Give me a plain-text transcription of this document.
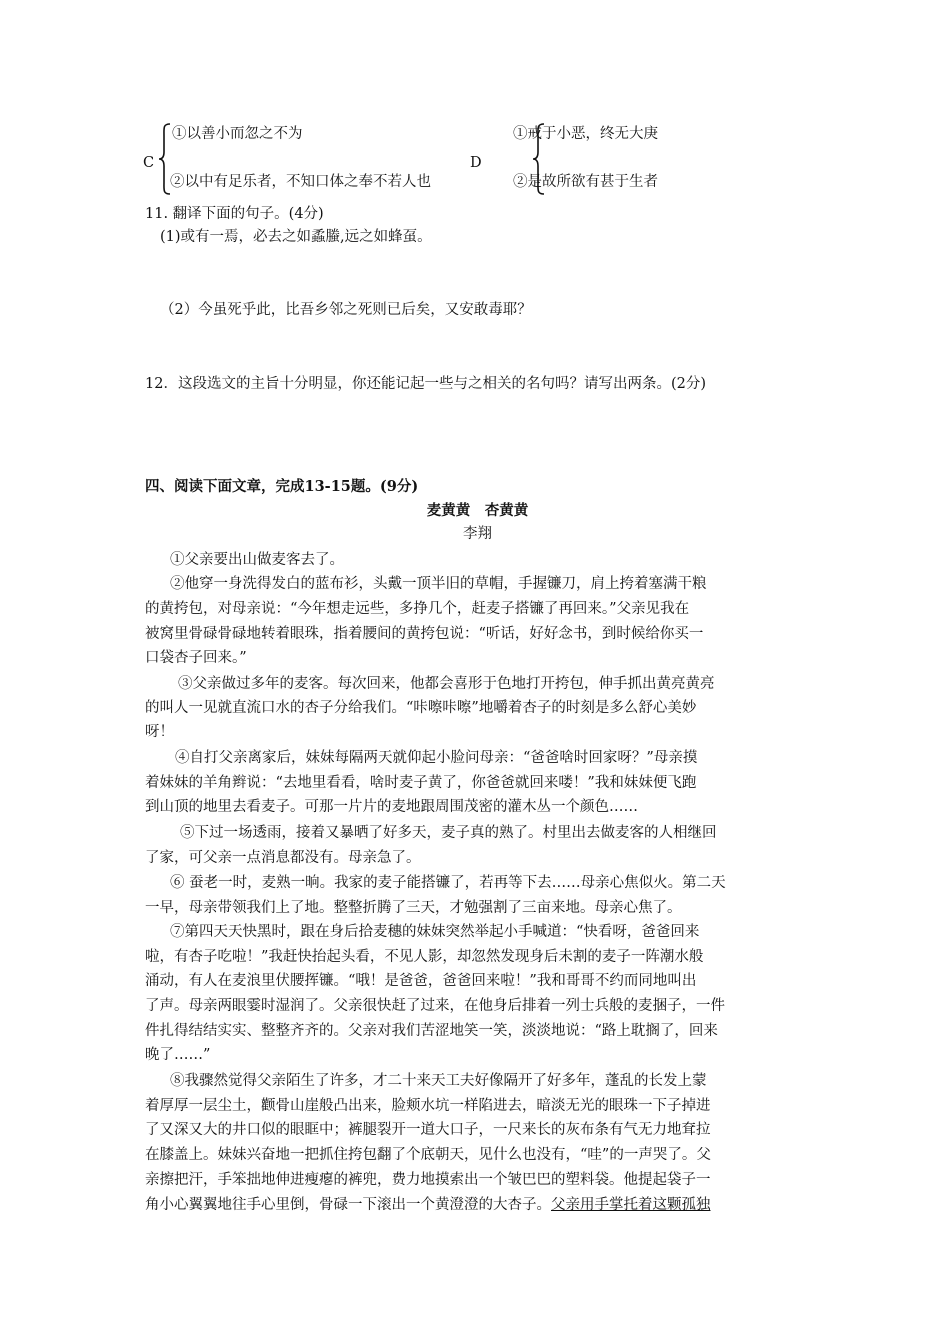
C
①以善小而忽之不为
②以中有足乐者，不知口体之奉不若人也
D
①戒于小恶，终无大庚
②是故所欲有甚于生者
11. 翻译下面的句子。(4分)
(1)或有一焉，必去之如蟊螣,远之如蜂虿。
（2）今虽死乎此，比吾乡邻之死则已后矣，又安敢毒耶？
12．这段选文的主旨十分明显，你还能记起一些与之相关的名句吗？请写出两条。(2分)
四、阅读下面文章，完成13-15题。(9分)
麦黄黄　杏黄黄
李翔
①父亲要出山做麦客去了。
②他穿一身洗得发白的蓝布衫，头戴一顶半旧的草帽，手握镰刀，肩上挎着塞满干粮
的黄挎包，对母亲说：“今年想走远些，多挣几个，赶麦子搭镰了再回来。”父亲见我在
被窝里骨碌骨碌地转着眼珠，指着腰间的黄挎包说：“听话，好好念书，到时候给你买一
口袋杏子回来。”
③父亲做过多年的麦客。每次回来，他都会喜形于色地打开挎包，伸手抓出黄亮黄亮
的叫人一见就直流口水的杏子分给我们。“咔嚓咔嚓”地嚼着杏子的时刻是多么舒心美妙
呀！
④自打父亲离家后，妹妹每隔两天就仰起小脸问母亲：“爸爸啥时回家呀？”母亲摸
着妹妹的羊角辫说：“去地里看看，啥时麦子黄了，你爸爸就回来喽！”我和妹妹便飞跑
到山顶的地里去看麦子。可那一片片的麦地跟周围茂密的灌木丛一个颜色……
⑤下过一场透雨，接着又暴晒了好多天，麦子真的熟了。村里出去做麦客的人相继回
了家，可父亲一点消息都没有。母亲急了。
⑥ 蚕老一时，麦熟一晌。我家的麦子能搭镰了，若再等下去……母亲心焦似火。第二天
一早，母亲带领我们上了地。整整折腾了三天，才勉强割了三亩来地。母亲心焦了。
⑦第四天天快黑时，跟在身后拾麦穗的妹妹突然举起小手喊道：“快看呀，爸爸回来
啦，有杏子吃啦！”我赶快抬起头看，不见人影，却忽然发现身后未割的麦子一阵潮水般
涌动，有人在麦浪里伏腰挥镰。“哦！是爸爸，爸爸回来啦！”我和哥哥不约而同地叫出
了声。母亲两眼霎时湿润了。父亲很快赶了过来，在他身后排着一列士兵般的麦捆子，一件
件扎得结结实实、整整齐齐的。父亲对我们苦涩地笑一笑，淡淡地说：“路上耽搁了，回来
晚了……”
⑧我骤然觉得父亲陌生了许多，才二十来天工夫好像隔开了好多年，蓬乱的长发上蒙
着厚厚一层尘土，颧骨山崖般凸出来，脸颊水坑一样陷进去，暗淡无光的眼珠一下子掉进
了又深又大的井口似的眼眶中；裤腿裂开一道大口子，一尺来长的灰布条有气无力地耷拉
在膝盖上。妹妹兴奋地一把抓住挎包翻了个底朝天，见什么也没有，“哇”的一声哭了。父
亲擦把汗，手笨拙地伸进瘦瘪的裤兜，费力地摸索出一个皱巴巴的塑料袋。他提起袋子一
角小心翼翼地往手心里倒，骨碌一下滚出一个黄澄澄的大杏子。父亲用手掌托着这颗孤独
